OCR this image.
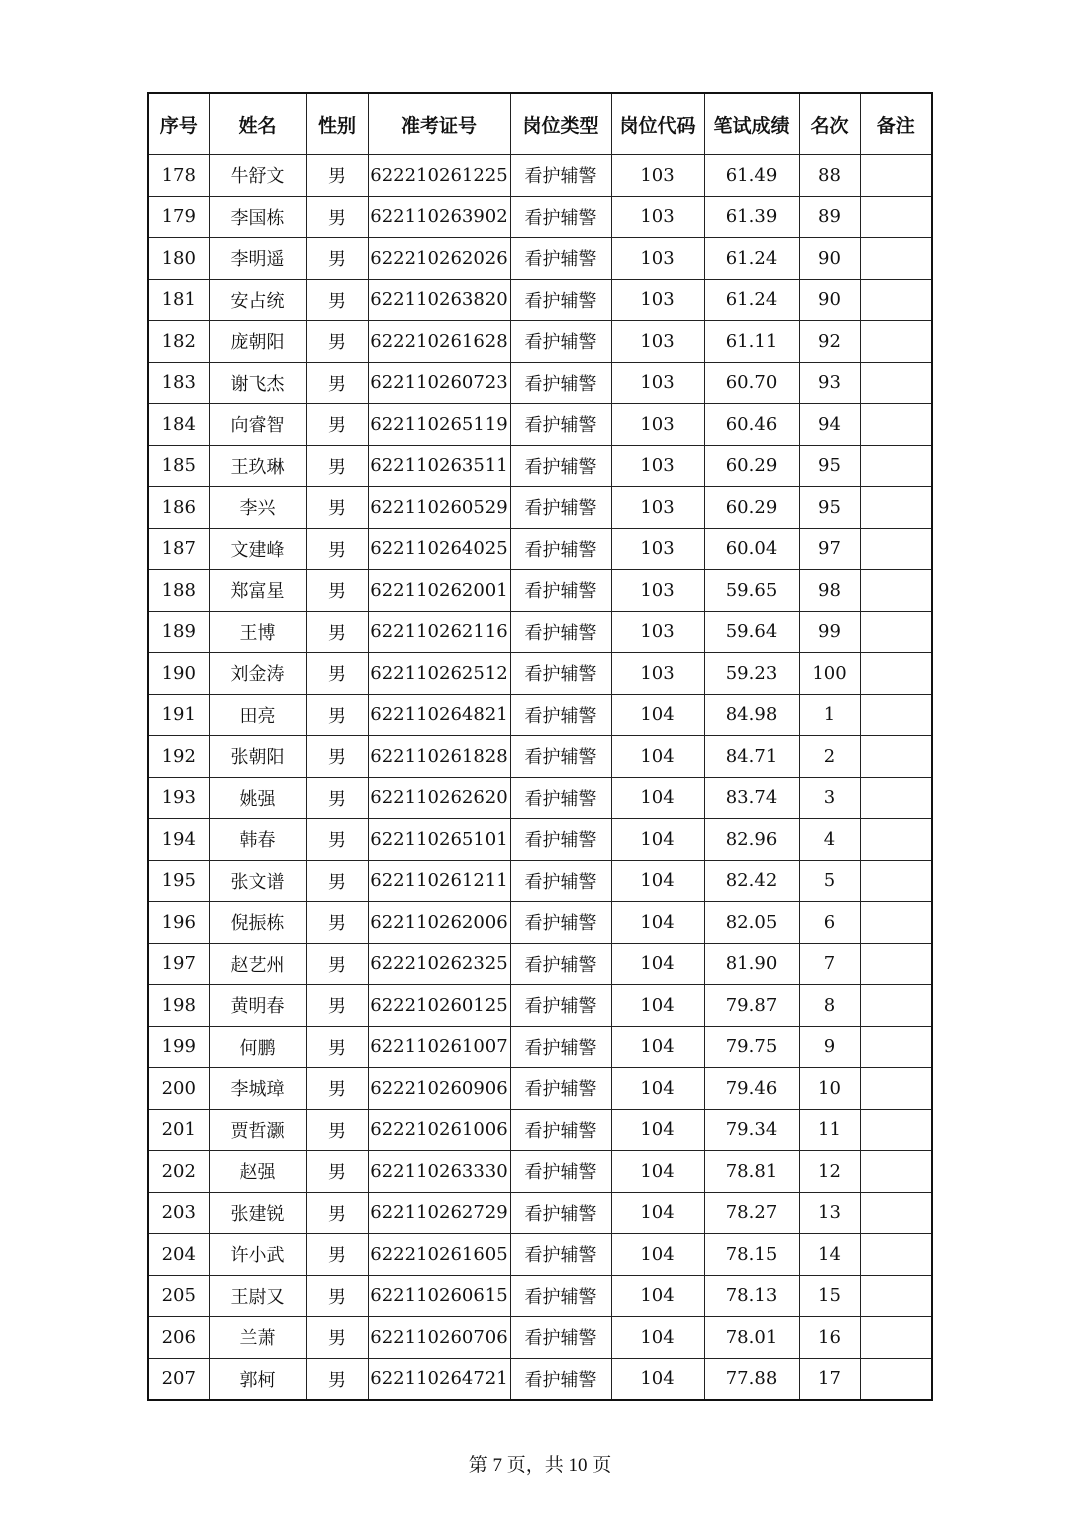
序号	姓名	性别	准考证号	岗位类型	岗位代码	笔试成绩	名次	备注
178	牛舒文	男	622210261225	看护辅警	103	61.49	88	
179	李国栋	男	622110263902	看护辅警	103	61.39	89	
180	李明遥	男	622210262026	看护辅警	103	61.24	90	
181	安占统	男	622110263820	看护辅警	103	61.24	90	
182	庞朝阳	男	622210261628	看护辅警	103	61.11	92	
183	谢飞杰	男	622110260723	看护辅警	103	60.70	93	
184	向睿智	男	622110265119	看护辅警	103	60.46	94	
185	王玖琳	男	622110263511	看护辅警	103	60.29	95	
186	李兴	男	622110260529	看护辅警	103	60.29	95	
187	文建峰	男	622110264025	看护辅警	103	60.04	97	
188	郑富星	男	622110262001	看护辅警	103	59.65	98	
189	王博	男	622110262116	看护辅警	103	59.64	99	
190	刘金涛	男	622110262512	看护辅警	103	59.23	100	
191	田亮	男	622110264821	看护辅警	104	84.98	1	
192	张朝阳	男	622110261828	看护辅警	104	84.71	2	
193	姚强	男	622110262620	看护辅警	104	83.74	3	
194	韩春	男	622110265101	看护辅警	104	82.96	4	
195	张文谱	男	622110261211	看护辅警	104	82.42	5	
196	倪振栋	男	622110262006	看护辅警	104	82.05	6	
197	赵艺州	男	622210262325	看护辅警	104	81.90	7	
198	黄明春	男	622210260125	看护辅警	104	79.87	8	
199	何鹏	男	622110261007	看护辅警	104	79.75	9	
200	李城璋	男	622210260906	看护辅警	104	79.46	10	
201	贾哲灏	男	622210261006	看护辅警	104	79.34	11	
202	赵强	男	622110263330	看护辅警	104	78.81	12	
203	张建锐	男	622110262729	看护辅警	104	78.27	13	
204	许小武	男	622210261605	看护辅警	104	78.15	14	
205	王尉又	男	622110260615	看护辅警	104	78.13	15	
206	兰萧	男	622110260706	看护辅警	104	78.01	16	
207	郭柯	男	622110264721	看护辅警	104	77.88	17	
第 7 页，共 10 页
